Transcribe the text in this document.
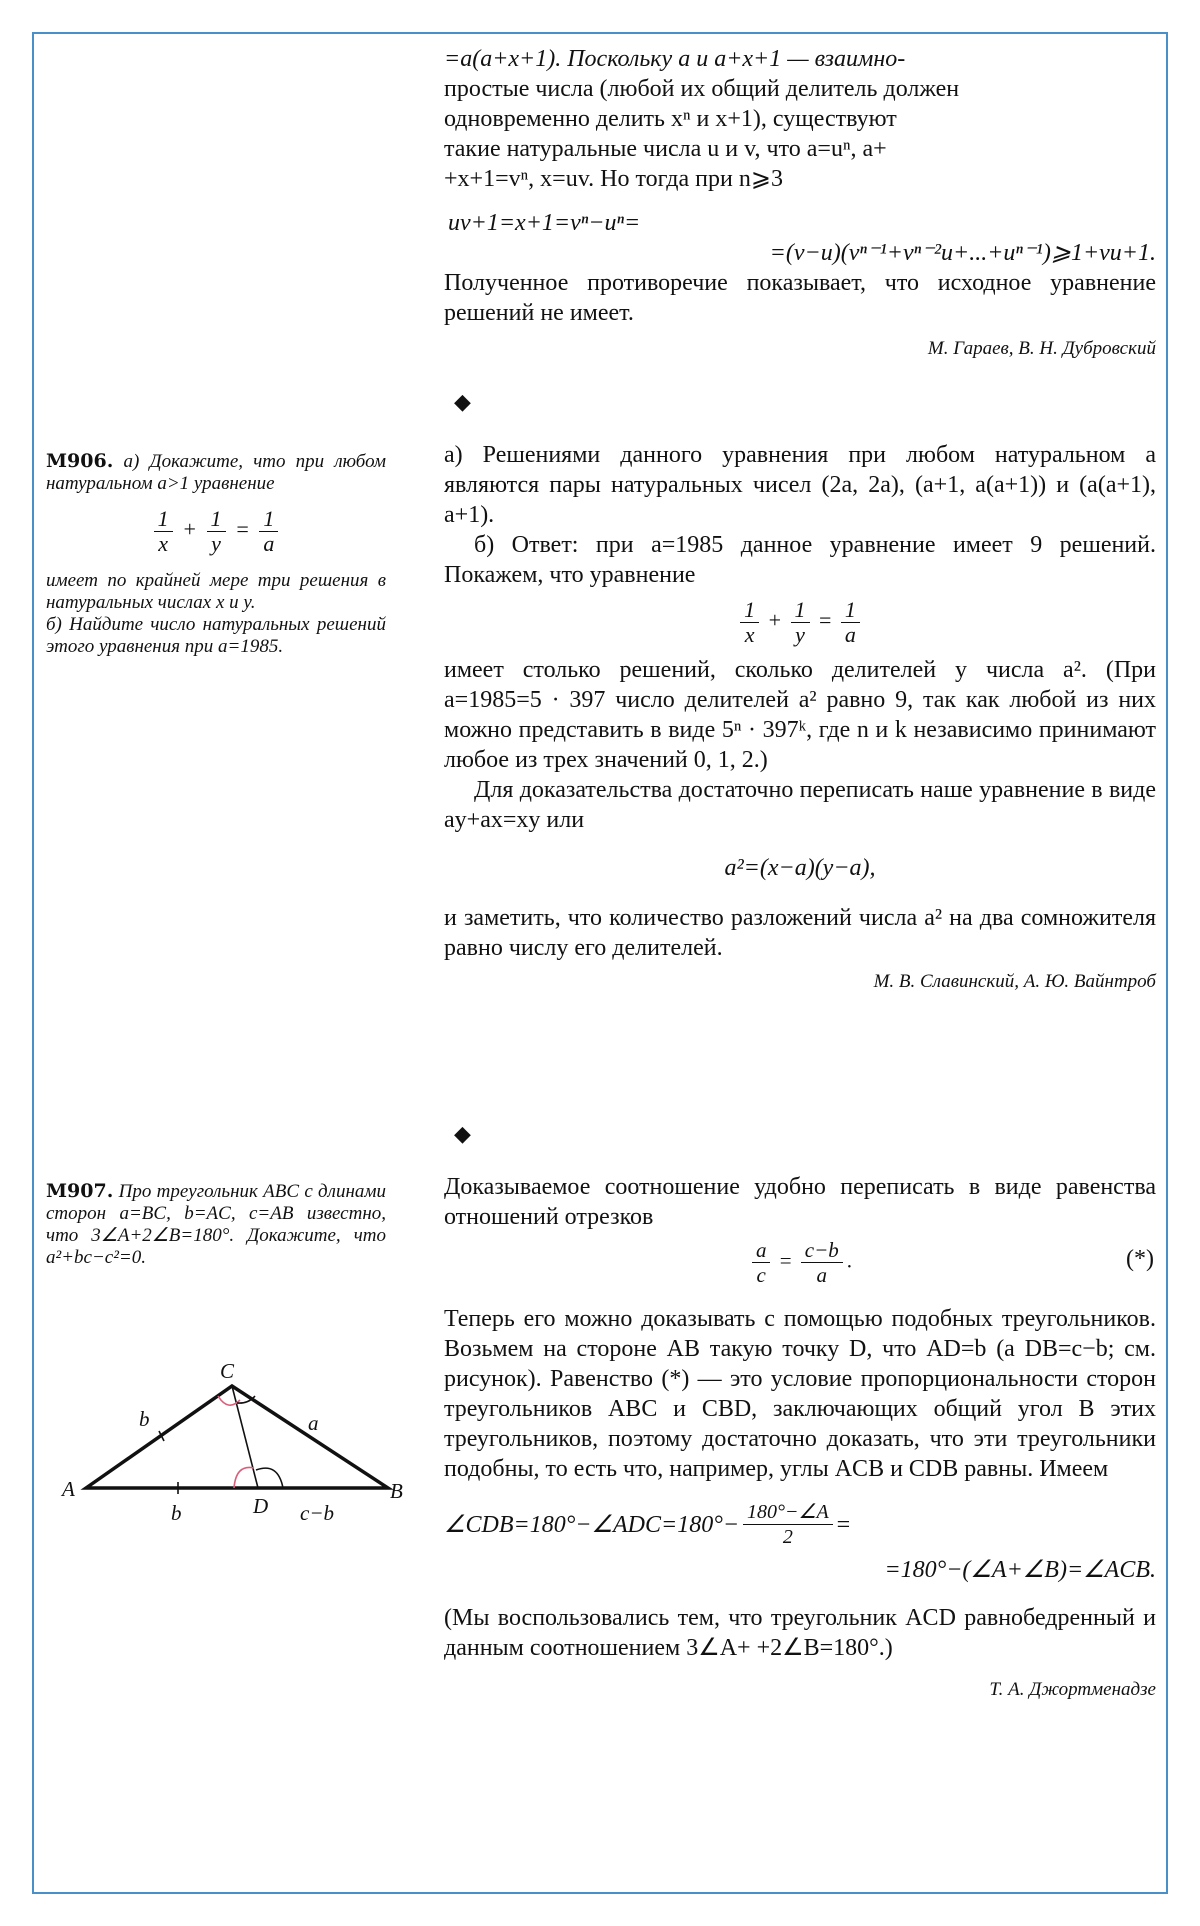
=a(a+x+1). Поскольку a и a+x+1 — взаимно-

простые числа (любой их общий делитель должен

одновременно делить xⁿ и x+1), существуют

такие натуральные числа u и v, что a=uⁿ, a+

+x+1=vⁿ, x=uv. Но тогда при n⩾3

uv+1=x+1=vⁿ−uⁿ=

=(v−u)(vⁿ⁻¹+vⁿ⁻²u+...+uⁿ⁻¹)⩾1+vu+1.

Полученное противоречие показывает, что исходное уравнение решений не имеет.

М. Гараев, В. Н. Дубровский
◆

М906. а) Докажите, что при любом натуральном a>1 уравнение

$\frac{1}{x} + \frac{1}{y} = \frac{1}{a}$

имеет по крайней мере три решения в натуральных числах x и y.

б) Найдите число натуральных решений этого уравнения при a=1985.

а) Решениями данного уравнения при любом натуральном a являются пары натуральных чисел (2a, 2a), (a+1, a(a+1)) и (a(a+1), a+1).

б) Ответ: при a=1985 данное уравнение имеет 9 решений. Покажем, что уравнение

$\frac{1}{x} + \frac{1}{y} = \frac{1}{a}$

имеет столько решений, сколько делителей у числа a². (При a=1985=5 · 397 число делителей a² равно 9, так как любой из них можно представить в виде 5ⁿ · 397ᵏ, где n и k независимо принимают любое из трех значений 0, 1, 2.)

Для доказательства достаточно переписать наше уравнение в виде ay+ax=xy или

a²=(x−a)(y−a),

и заметить, что количество разложений числа a² на два сомножителя равно числу его делителей.

М. В. Славинский, А. Ю. Вайнтроб
◆

М907. Про треугольник ABC с длинами сторон a=BC, b=AC, c=AB известно, что 3∠A+2∠B=180°. Докажите, что a²+bc−c²=0.

A	B
C
D
a
b
b	c−b

Доказываемое соотношение удобно переписать в виде равенства отношений отрезков

$\frac{a}{c} = \frac{c-b}{a}$ .	(*)

Теперь его можно доказывать с помощью подобных треугольников. Возьмем на стороне AB такую точку D, что AD=b (а DB=c−b; см. рисунок). Равенство (*) — это условие пропорциональности сторон треугольников ABC и CBD, заключающих общий угол B этих треугольников, поэтому достаточно доказать, что эти треугольники подобны, то есть что, например, углы ACB и CDB равны. Имеем

∠CDB=180°−∠ADC=180°− $\frac{180^\circ-\angle A}{2}$ =

=180°−(∠A+∠B)=∠ACB.

(Мы воспользовались тем, что треугольник ACD равнобедренный и данным соотношением 3∠A+ +2∠B=180°.)

Т. А. Джортменадзе
